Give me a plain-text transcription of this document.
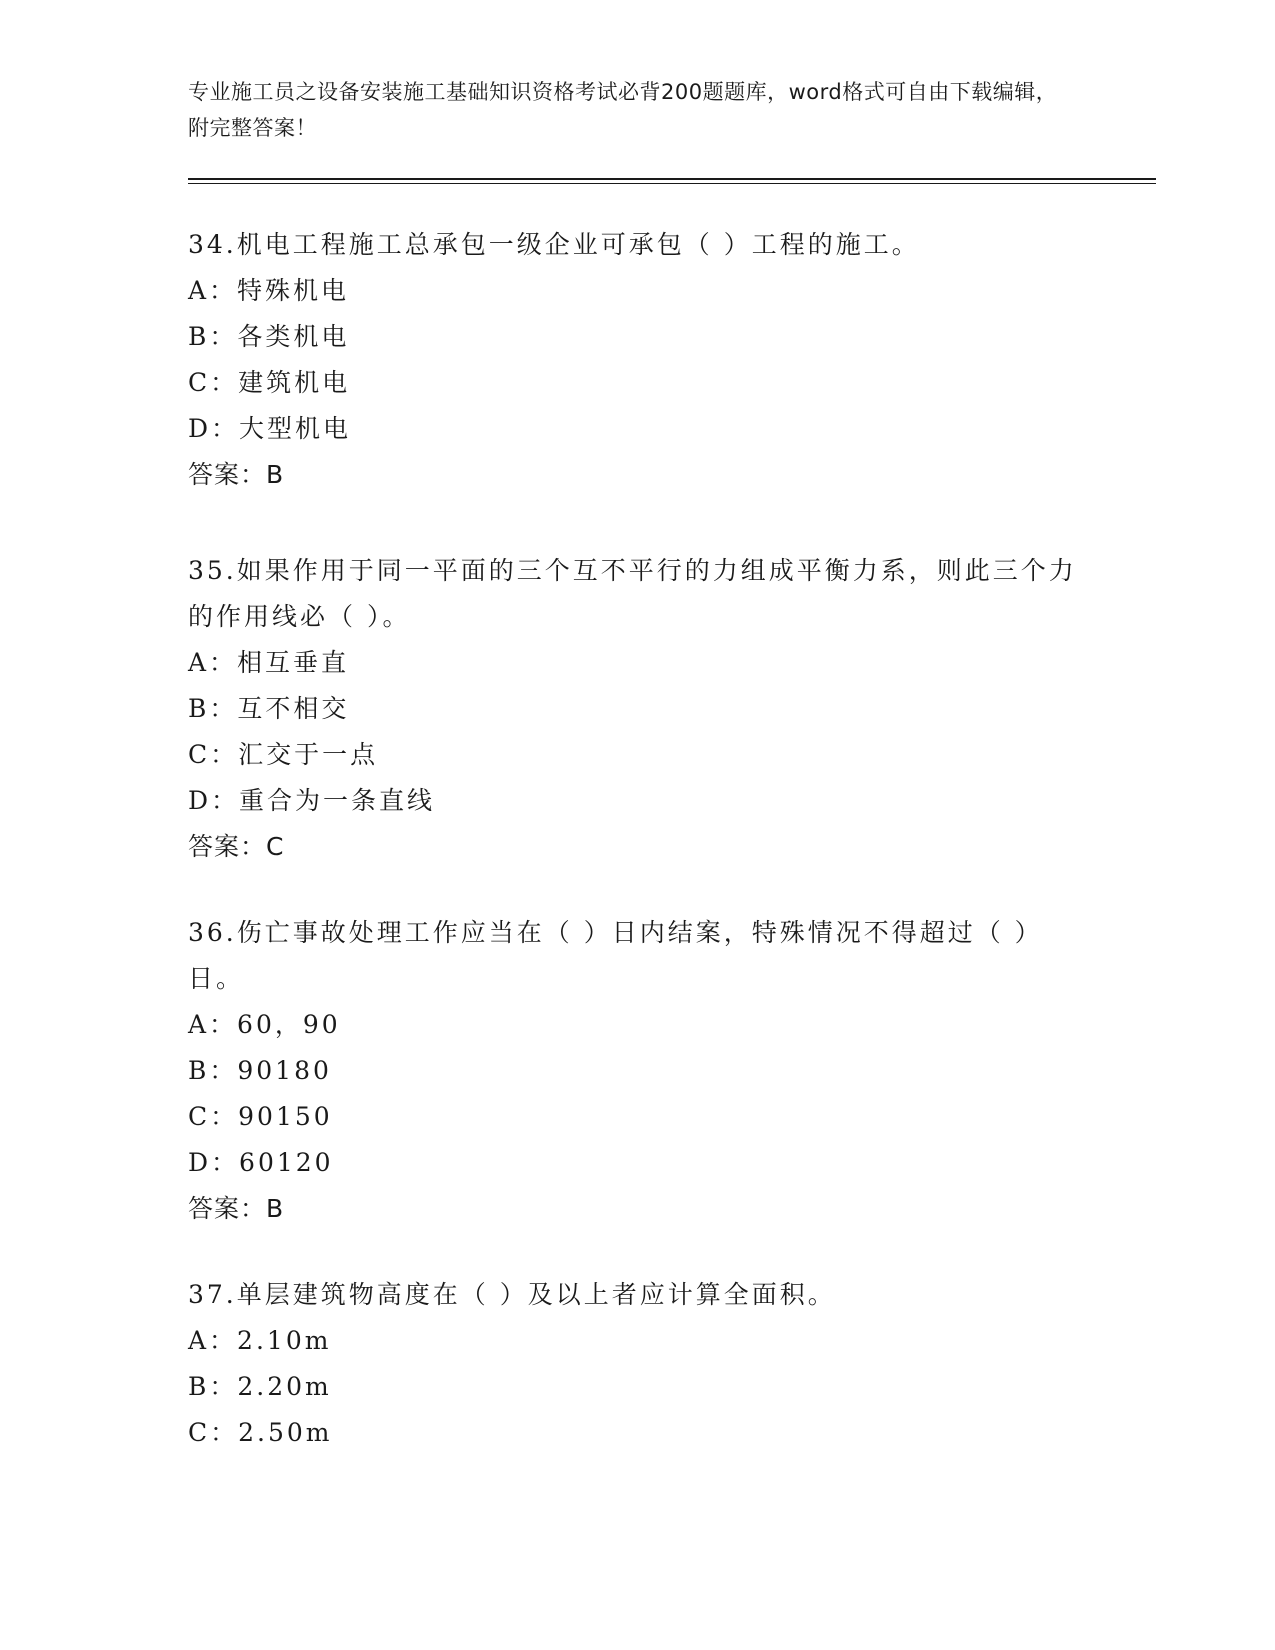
专业施工员之设备安装施工基础知识资格考试必背200题题库，word格式可自由下载编辑，附完整答案！

34.机电工程施工总承包一级企业可承包（ ）工程的施工。

A：特殊机电

B：各类机电

C：建筑机电

D：大型机电

答案：B

35.如果作用于同一平面的三个互不平行的力组成平衡力系，则此三个力的作用线必（ ）。

A：相互垂直

B：互不相交

C：汇交于一点

D：重合为一条直线

答案：C

36.伤亡事故处理工作应当在（ ）日内结案，特殊情况不得超过（ ）日。

A：60，90

B：90180

C：90150

D：60120

答案：B

37.单层建筑物高度在（ ）及以上者应计算全面积。

A：2.10m

B：2.20m

C：2.50m
